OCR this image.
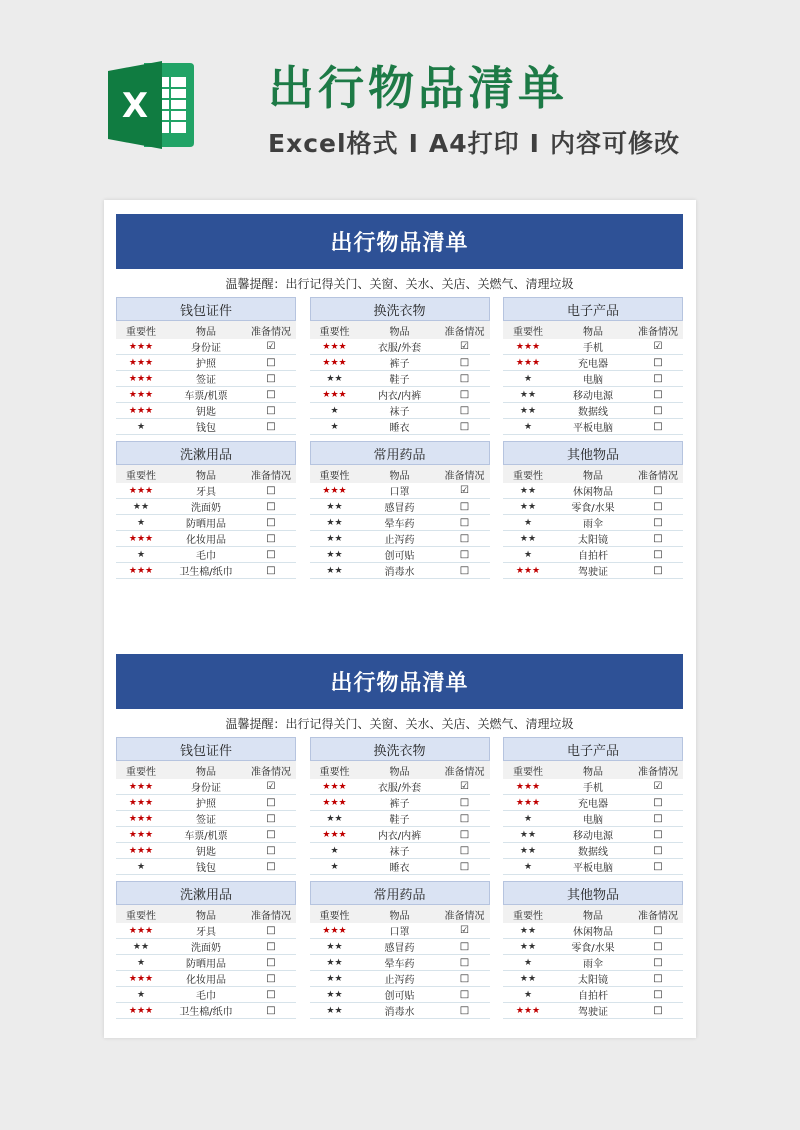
X	出行物品清单
Excel格式 I A4打印 I 内容可修改
出行物品清单
温馨提醒：出行记得关门、关窗、关水、关店、关燃气、清理垃圾
钱包证件
重要性	物品	准备情况
★★★	身份证	☑
★★★	护照	□
★★★	签证	□
★★★	车票/机票	□
★★★	钥匙	□
★	钱包	□
换洗衣物
重要性	物品	准备情况
★★★	衣服/外套	☑
★★★	裤子	□
★★	鞋子	□
★★★	内衣/内裤	□
★	袜子	□
★	睡衣	□
电子产品
重要性	物品	准备情况
★★★	手机	☑
★★★	充电器	□
★	电脑	□
★★	移动电源	□
★★	数据线	□
★	平板电脑	□
洗漱用品
重要性	物品	准备情况
★★★	牙具	□
★★	洗面奶	□
★	防晒用品	□
★★★	化妆用品	□
★	毛巾	□
★★★	卫生棉/纸巾	□
常用药品
重要性	物品	准备情况
★★★	口罩	☑
★★	感冒药	□
★★	晕车药	□
★★	止泻药	□
★★	创可贴	□
★★	消毒水	□
其他物品
重要性	物品	准备情况
★★	休闲物品	□
★★	零食/水果	□
★	雨伞	□
★★	太阳镜	□
★	自拍杆	□
★★★	驾驶证	□
出行物品清单
温馨提醒：出行记得关门、关窗、关水、关店、关燃气、清理垃圾
钱包证件
重要性	物品	准备情况
★★★	身份证	☑
★★★	护照	□
★★★	签证	□
★★★	车票/机票	□
★★★	钥匙	□
★	钱包	□
换洗衣物
重要性	物品	准备情况
★★★	衣服/外套	☑
★★★	裤子	□
★★	鞋子	□
★★★	内衣/内裤	□
★	袜子	□
★	睡衣	□
电子产品
重要性	物品	准备情况
★★★	手机	☑
★★★	充电器	□
★	电脑	□
★★	移动电源	□
★★	数据线	□
★	平板电脑	□
洗漱用品
重要性	物品	准备情况
★★★	牙具	□
★★	洗面奶	□
★	防晒用品	□
★★★	化妆用品	□
★	毛巾	□
★★★	卫生棉/纸巾	□
常用药品
重要性	物品	准备情况
★★★	口罩	☑
★★	感冒药	□
★★	晕车药	□
★★	止泻药	□
★★	创可贴	□
★★	消毒水	□
其他物品
重要性	物品	准备情况
★★	休闲物品	□
★★	零食/水果	□
★	雨伞	□
★★	太阳镜	□
★	自拍杆	□
★★★	驾驶证	□
